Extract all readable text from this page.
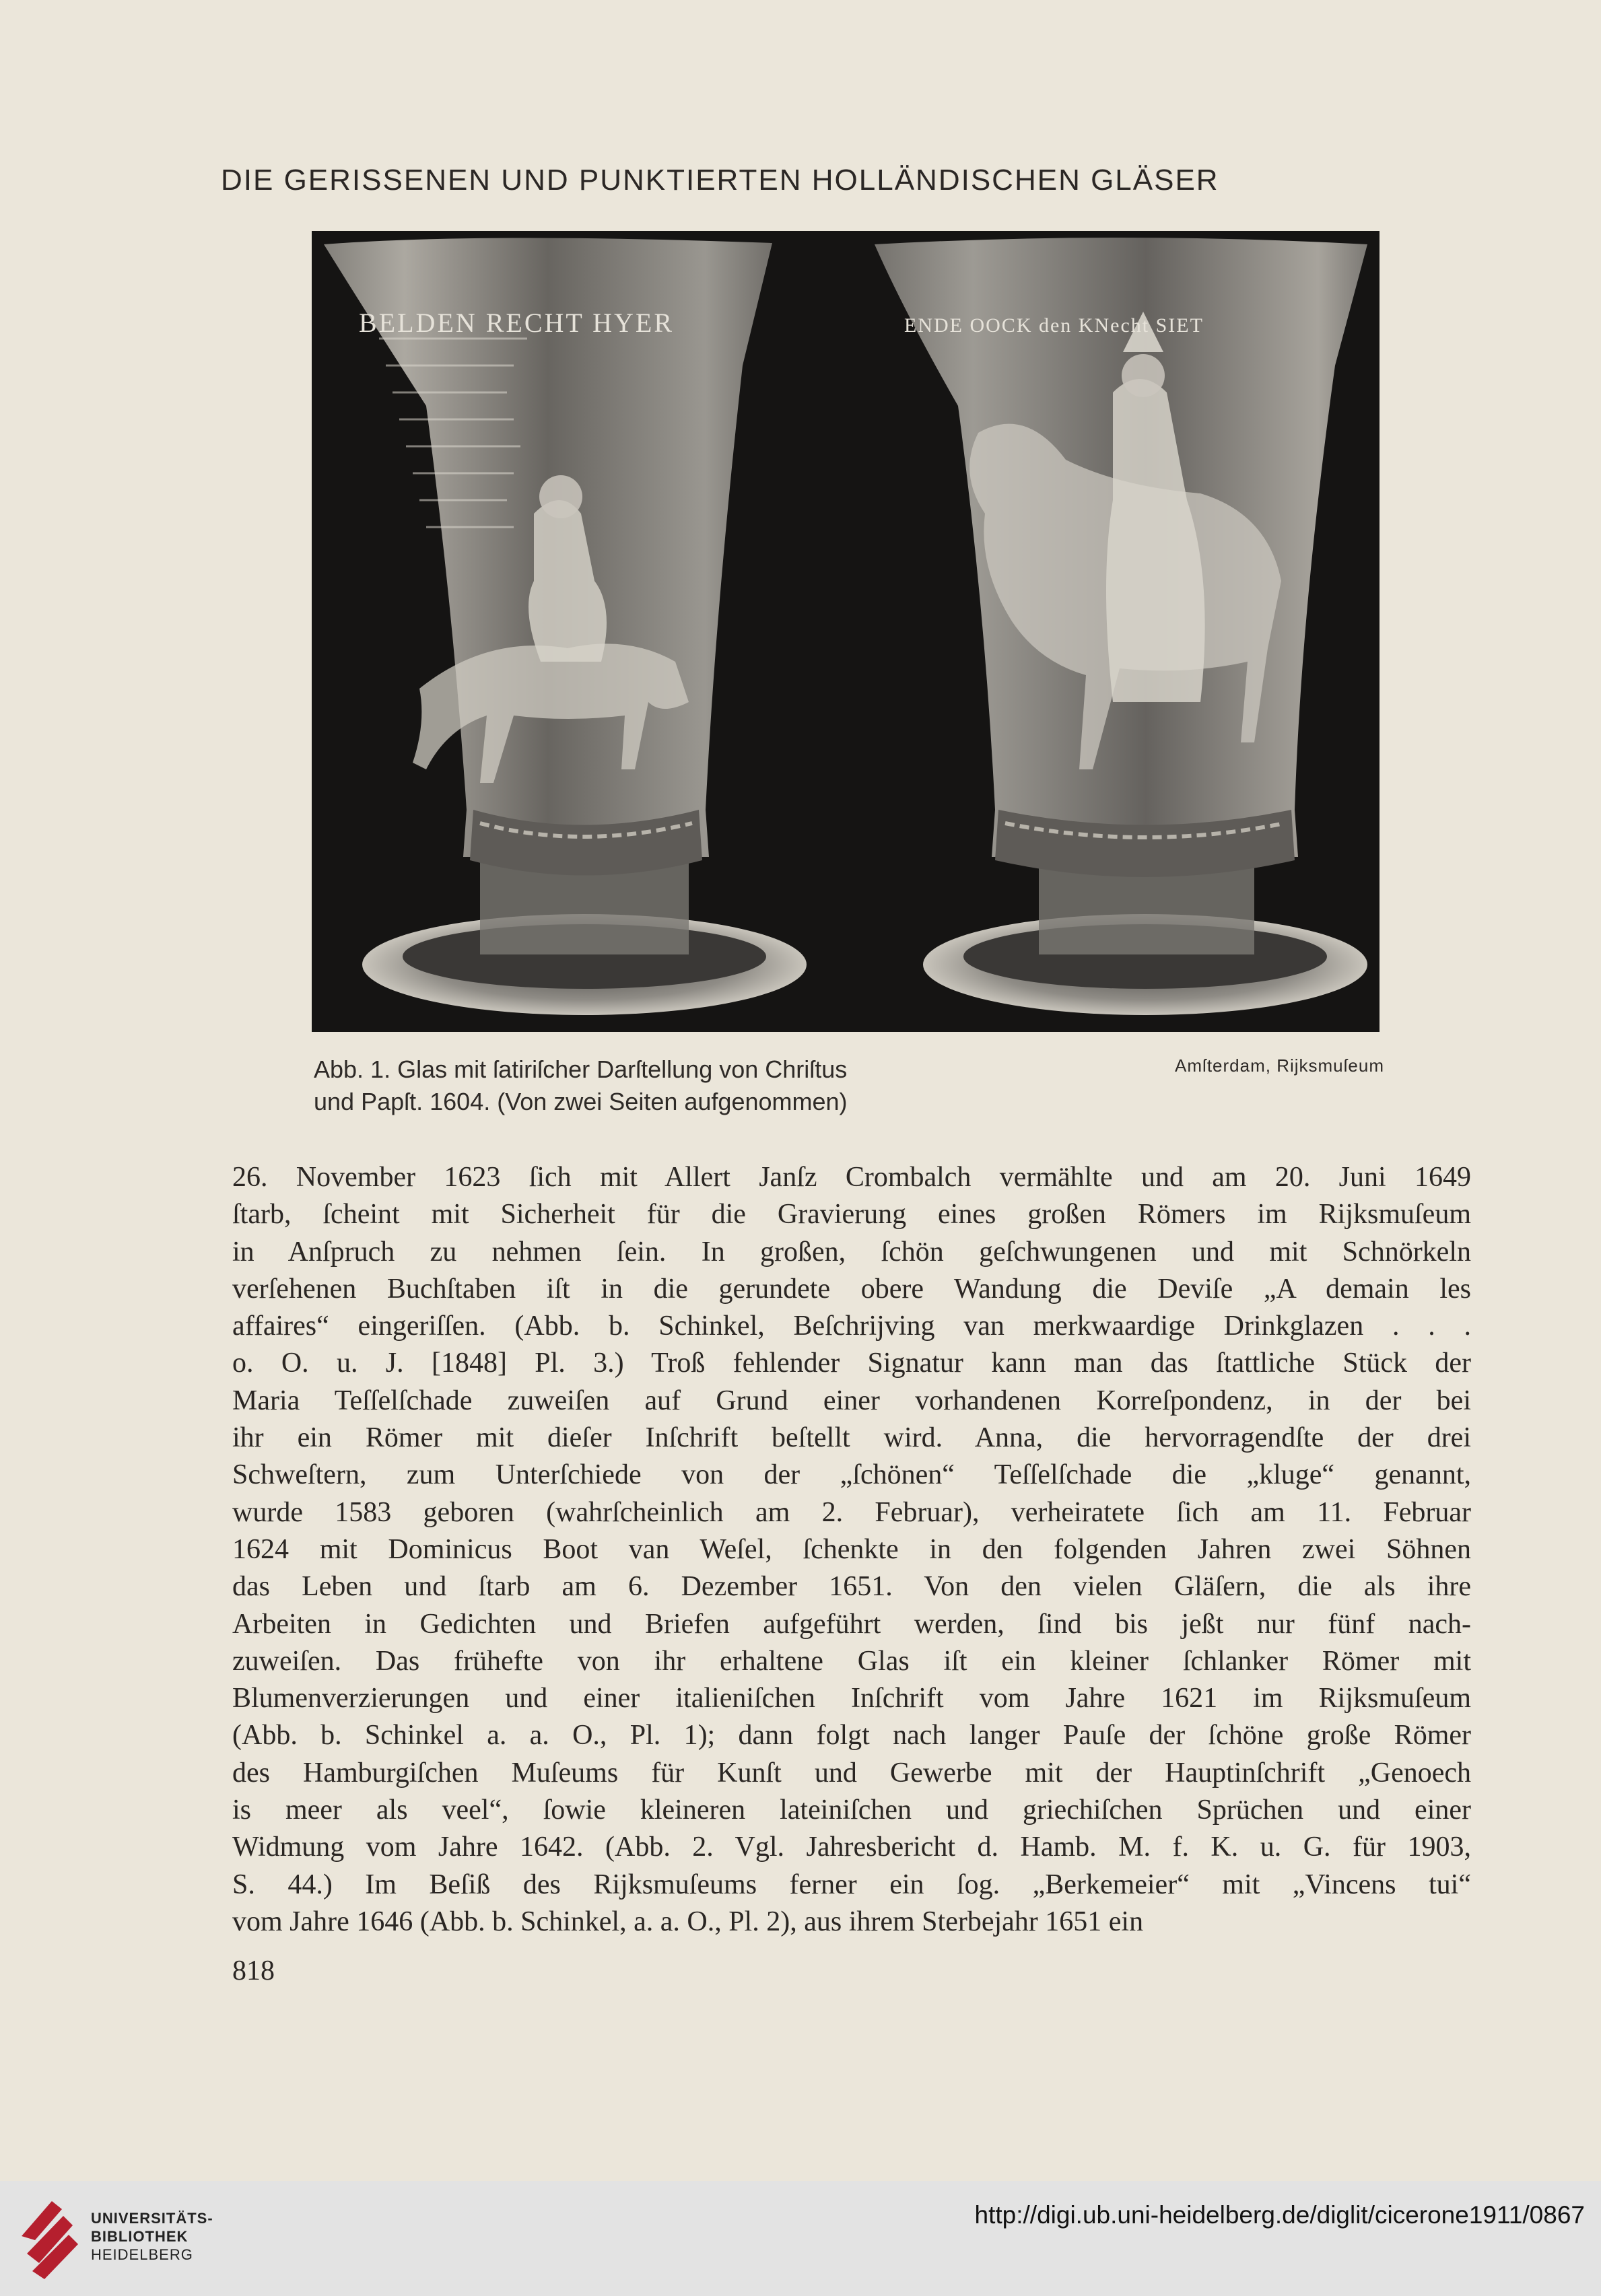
DIE GERISSENEN UND PUNKTIERTEN HOLLÄNDISCHEN GLÄSER
BELDEN RECHT HYER	ENDE OOCK den KNecht SIET
Abb. 1. Glas mit ſatiriſcher Darſtellung von Chriſtus
und Papſt. 1604. (Von zwei Seiten aufgenommen)
Amſterdam, Rijksmuſeum
26. November 1623 ſich mit Allert Janſz Crombalch vermählte und am 20. Juni 1649
ſtarb, ſcheint mit Sicherheit für die Gravierung eines großen Römers im Rijksmuſeum
in Anſpruch zu nehmen ſein. In großen, ſchön geſchwungenen und mit Schnörkeln
verſehenen Buchſtaben iſt in die gerundete obere Wandung die Deviſe „A demain les
affaires“ eingeriſſen. (Abb. b. Schinkel, Beſchrijving van merkwaardige Drinkglazen . . .
o. O. u. J. [1848] Pl. 3.) Troß fehlender Signatur kann man das ſtattliche Stück der
Maria Teſſelſchade zuweiſen auf Grund einer vorhandenen Korreſpondenz, in der bei
ihr ein Römer mit dieſer Inſchrift beſtellt wird. Anna, die hervorragendſte der drei
Schweſtern, zum Unterſchiede von der „ſchönen“ Teſſelſchade die „kluge“ genannt,
wurde 1583 geboren (wahrſcheinlich am 2. Februar), verheiratete ſich am 11. Februar
1624 mit Dominicus Boot van Weſel, ſchenkte in den folgenden Jahren zwei Söhnen
das Leben und ſtarb am 6. Dezember 1651. Von den vielen Gläſern, die als ihre
Arbeiten in Gedichten und Briefen aufgeführt werden, ſind bis jeßt nur fünf nach-
zuweiſen. Das frühefte von ihr erhaltene Glas iſt ein kleiner ſchlanker Römer mit
Blumenverzierungen und einer italieniſchen Inſchrift vom Jahre 1621 im Rijksmuſeum
(Abb. b. Schinkel a. a. O., Pl. 1); dann folgt nach langer Pauſe der ſchöne große Römer
des Hamburgiſchen Muſeums für Kunſt und Gewerbe mit der Hauptinſchrift „Genoech
is meer als veel“, ſowie kleineren lateiniſchen und griechiſchen Sprüchen und einer
Widmung vom Jahre 1642. (Abb. 2. Vgl. Jahresbericht d. Hamb. M. f. K. u. G. für 1903,
S. 44.) Im Beſiß des Rijksmuſeums ferner ein ſog. „Berkemeier“ mit „Vincens tui“
vom Jahre 1646 (Abb. b. Schinkel, a. a. O., Pl. 2), aus ihrem Sterbejahr 1651 ein
818
UNIVERSITÄTS-
BIBLIOTHEK
HEIDELBERG
http://digi.ub.uni-heidelberg.de/diglit/cicerone1911/0867
